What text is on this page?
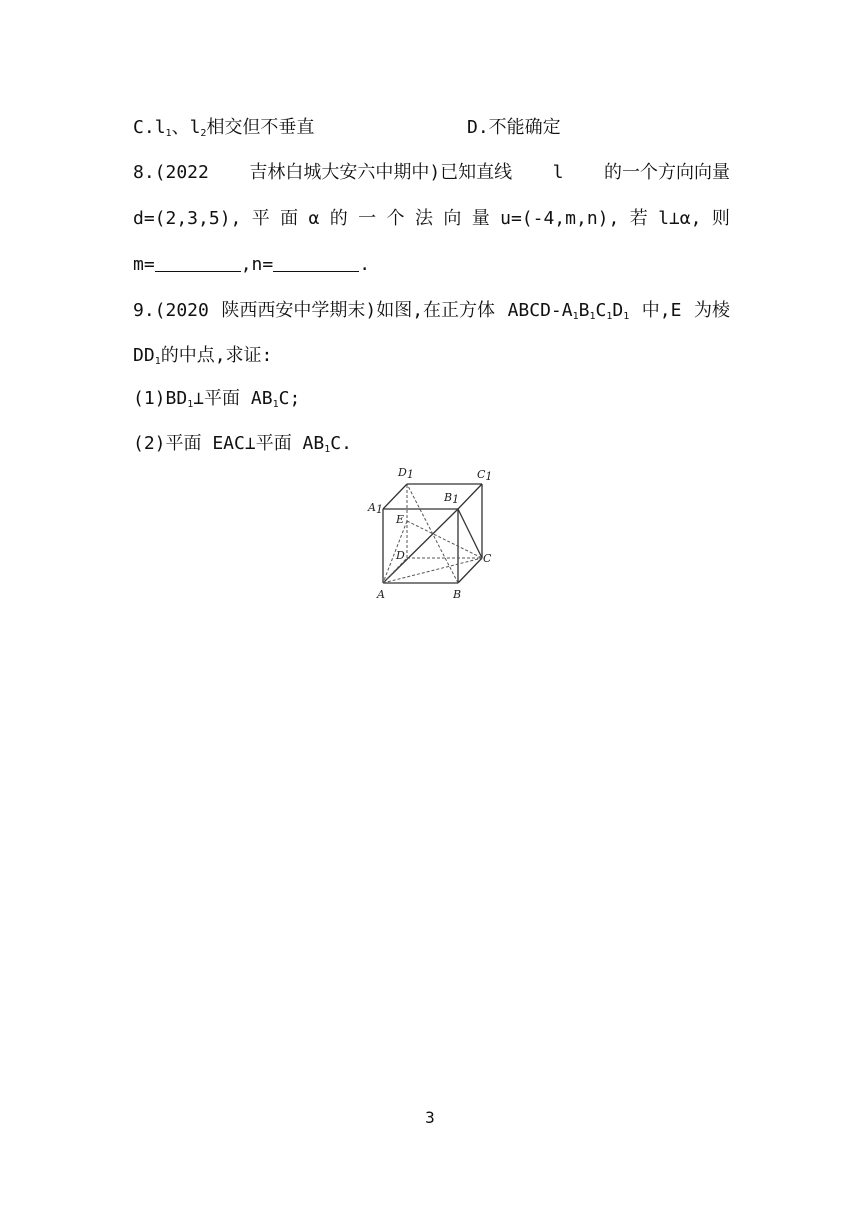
$C.l_1$、$l_2$相交但不垂直	D.不能确定
8.(2022 吉林白城大安六中期中)已知直线 l 的一个方向向量
d=(2,3,5), 平 面 α 的 一 个 法 向 量 u=(-4,m,n), 若 l⊥α, 则
m=	,n=	.
9.(2020 陕西西安中学期末)如图,在正方体 ABCD-$A_1B_1C_1D_1$ 中,E 为棱
$DD_1$的中点,求证:
$(1)BD_1\perp$平面 $AB_1C$;
(2)平面 EAC⊥平面 $AB_1C$.
D1	C1
A1
B1
E
D	C
A	B
3
